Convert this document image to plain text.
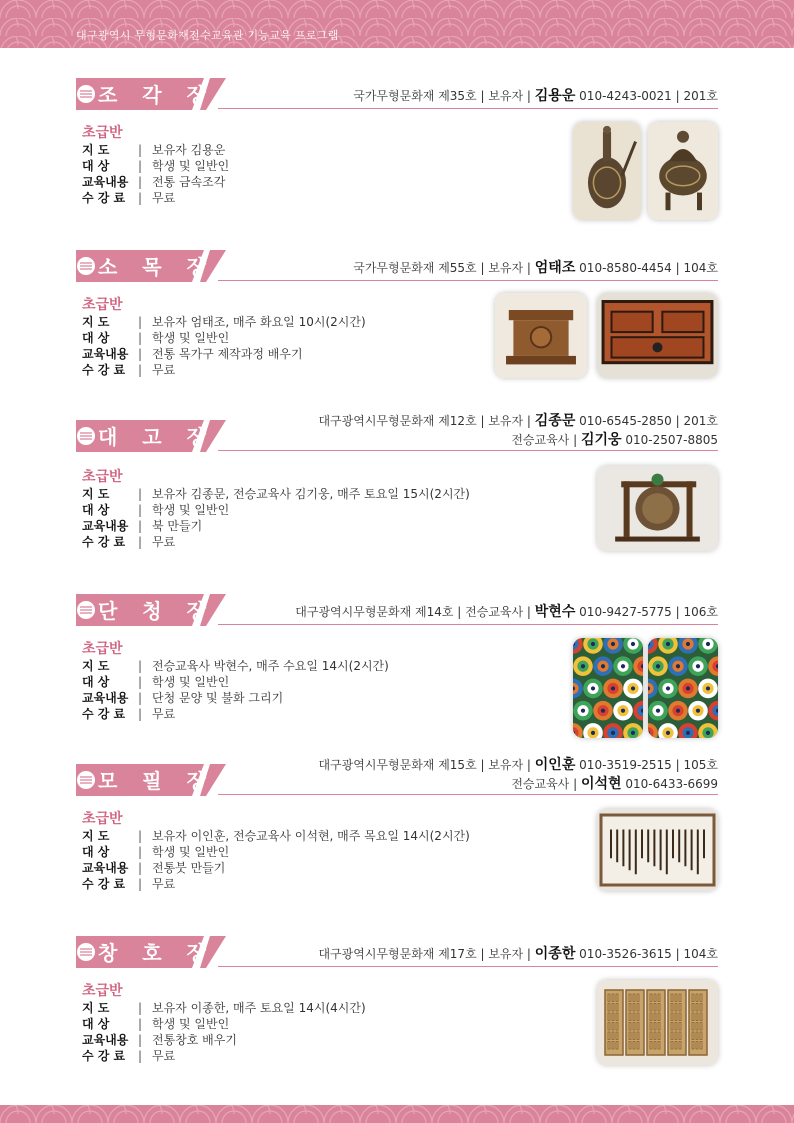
대구광역시 무형문화재전수교육관 기능교육 프로그램
조 각 장	국가무형문화재 제35호 | 보유자 | 김용운 010-4243-0021 | 201호
초급반
지 도	| 보유자 김용운
대 상	| 학생 및 일반인
교육내용 | 전통 금속조각
수 강 료	| 무료
소 목 장	국가무형문화재 제55호 | 보유자 | 엄태조 010-8580-4454 | 104호
초급반
지 도	| 보유자 엄태조, 매주 화요일 10시(2시간)
대 상	| 학생 및 일반인
교육내용 | 전통 목가구 제작과정 배우기
수 강 료	| 무료
대 고 장
대구광역시무형문화재 제12호 | 보유자 | 김종문 010-6545-2850 | 201호
전승교육사 | 김기웅 010-2507-8805
초급반
지 도	| 보유자 김종문, 전승교육사 김기웅, 매주 토요일 15시(2시간)
대 상	| 학생 및 일반인
교육내용 | 북 만들기
수 강 료	| 무료
단 청 장	대구광역시무형문화재 제14호 | 전승교육사 | 박현수 010-9427-5775 | 106호
초급반
지 도	| 전승교육사 박현수, 매주 수요일 14시(2시간)
대 상	| 학생 및 일반인
교육내용 | 단청 문양 및 불화 그리기
수 강 료	| 무료
모 필 장
대구광역시무형문화재 제15호 | 보유자 | 이인훈 010-3519-2515 | 105호
전승교육사 | 이석현 010-6433-6699
초급반
지 도	| 보유자 이인훈, 전승교육사 이석현, 매주 목요일 14시(2시간)
대 상	| 학생 및 일반인
교육내용 | 전통붓 만들기
수 강 료	| 무료
창 호 장	대구광역시무형문화재 제17호 | 보유자 | 이종한 010-3526-3615 | 104호
초급반
지 도	| 보유자 이종한, 매주 토요일 14시(4시간)
대 상	| 학생 및 일반인
교육내용 | 전통창호 배우기
수 강 료	| 무료
